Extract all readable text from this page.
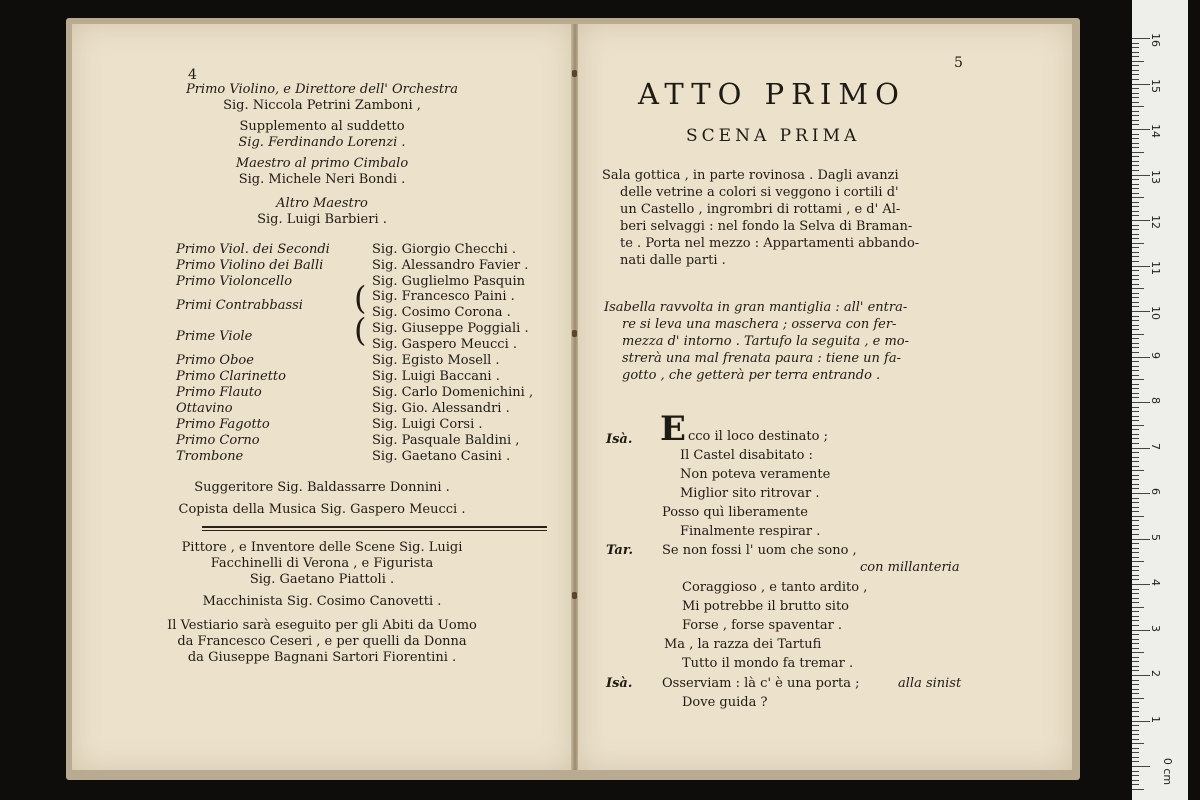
4
Primo Violino, e Direttore dell' Orchestra
Sig. Niccola Petrini Zamboni ,
Supplemento al suddetto
Sig. Ferdinando Lorenzi .
Maestro al primo Cimbalo
Sig. Michele Neri Bondi .
Altro Maestro
Sig. Luigi Barbieri .
Primo Viol. dei Secondi	Sig. Giorgio Checchi .
Primo Violino dei Balli	Sig. Alessandro Favier .
Primo Violoncello	Sig. Guglielmo Pasquin
Primi Contrabbassi ( Sig. Francesco Paini .
Sig. Cosimo Corona .
Prime Viole	( Sig. Giuseppe Poggiali .
Sig. Gaspero Meucci .
Primo Oboe	Sig. Egisto Mosell .
Primo Clarinetto	Sig. Luigi Baccani .
Primo Flauto	Sig. Carlo Domenichini ,
Ottavino	Sig. Gio. Alessandri .
Primo Fagotto	Sig. Luigi Corsi .
Primo Corno	Sig. Pasquale Baldini ,
Trombone	Sig. Gaetano Casini .
Suggeritore Sig. Baldassarre Donnini .
Copista della Musica Sig. Gaspero Meucci .
Pittore , e Inventore delle Scene Sig. Luigi
Facchinelli di Verona , e Figurista
Sig. Gaetano Piattoli .
Macchinista Sig. Cosimo Canovetti .
Il Vestiario sarà eseguito per gli Abiti da Uomo
da Francesco Ceseri , e per quelli da Donna
da Giuseppe Bagnani Sartori Fiorentini .
5
ATTO PRIMO
SCENA PRIMA
Sala gottica , in parte rovinosa . Dagli avanzi
delle vetrine a colori si veggono i cortili d'
un Castello , ingrombri di rottami , e d' Al-
beri selvaggi : nel fondo la Selva di Braman-
te . Porta nel mezzo : Appartamenti abbando-
nati dalle parti .
Isabella ravvolta in gran mantiglia : all' entra-
re si leva una maschera ; osserva con fer-
mezza d' intorno . Tartufo la seguita , e mo-
strerà una mal frenata paura : tiene un fa-
gotto , che getterà per terra entrando .
Isà. E cco il loco destinato ;
Il Castel disabitato :
Non poteva veramente
Miglior sito ritrovar .
Posso quì liberamente
Finalmente respirar .
Tar. Se non fossi l' uom che sono ,
con millanteria
Coraggioso , e tanto ardito ,
Mi potrebbe il brutto sito
Forse , forse spaventar .
Ma , la razza dei Tartufi
Tutto il mondo fa tremar .
Isà. Osserviam : là c' è una porta ;	alla sinist
Dove guida ?
16
15
14
13
12
11
10
9
8
7
6
5
4
3
2
1
0 cm
